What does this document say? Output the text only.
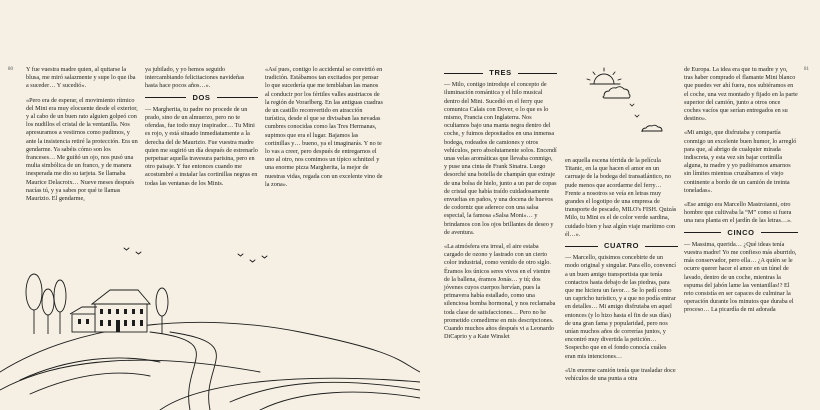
80	81

Y fue vuestra madre quien, al quitarse la blusa, me miró salazmente y supe lo que iba a suceder… Y sucedió».

«Pero era de esperar, el movimiento rítmico del Mini era muy elocuente desde el exterior, y al cabo de un buen rato alguien golpeó con los nudillos el cristal de la ventanilla. Nos apresuramos a vestirnos como pudimos, y ante la insistencia retiré la protección. Era un gendarme. Ya sabéis cómo son los franceses… Me guiñó un ojo, nos pusó una multa simbólica de un franco, y de manera inesperada me dio su tarjeta. Se llamaba Maurice Delacroix… Nueve meses después nacías tú, y ya sabes por qué te llamas Maurizio. El gendarme,

ya jubilado, y yo hemos seguido intercambiando felicitaciones navideñas hasta hace pocos años…».

DOS

— Margherita, tu padre no procede de un prado, sino de un almuerzo, pero no te ofendas, fue todo muy inspirador… Tu Mini es rojo, y está situado inmediatamente a la derecha del de Maurizio. Fue vuestra madre quien me sugirió un día después de estrenarlo perpetuar aquella travesura parisina, pero en otro paisaje. Y fue entonces cuando me acostumbré a instalar las cortinillas negras en todas las ventanas de los Minis.

«Así pues, contigo lo accidental se convirtió en tradición. Estábamos tan excitados por pensar lo que sucedería que me temblaban las manos al conducir por los fértiles valles austriacos de la región de Vorarlberg. En las antiguas cuadras de un castillo reconvertido en atracción turística, desde el que se divisaban las nevadas cumbres conocidas como las Tres Hermanas, supimos que era el lugar. Bajamos las cortinillas y… bueno, ya el imaginarás. Y no te lo vas a creer, pero después de entregarnos el uno al otro, nos comimos un típico schnitzel y una enorme pizza Margherita, la mejor de nuestras vidas, regada con un excelente vino de la zona».

TRES

— Milo, contigo introduje el concepto de iluminación romántica y el hilo musical dentro del Mini. Sucedió en el ferry que comunica Calais con Dover, o lo que es lo mismo, Francia con Inglaterra. Nos ocultamos bajo una manta negra dentro del coche, y fuimos depositados en una inmensa bodega, rodeados de camiones y otros vehículos, pero absolutamente solos. Encendí unas velas aromáticas que llevaba conmigo, y puse una cinta de Frank Sinatra. Luego desorché una botella de champán que extraje de una bolsa de hielo, junto a un par de copas de cristal que había traído cuidadosamente envueltas en paños, y una docena de huevos de codorniz que aderece con una salsa especial, la famosa «Salsa Moni»… y brindamos con los ojos brillantes de deseo y de aventura.

«La atmósfera era irreal, el aire estaba cargado de ozono y lastrado con un cierto color industrial, como venido de otro siglo. Éramos los únicos seres vivos en el vientre de la ballena, éramos Jonás… y tú; dos jóvenes cuyos cuerpos hervían, pues la primavera había estallado, como una silenciosa bomba hormonal, y nos reclamaba toda clase de satisfacciones… Pero no he prometido comedirme en mis descripciones. Cuando muchos años después vi a Leonardo DiCaprio y a Kate Winslet

en aquella escena tórrida de la película Titanic, en la que hacen el amor en un carruaje de la bodega del transatlántico, no pude menos que acordarme del ferry… Frente a nosotros se veía en letras muy grandes el logotipo de una empresa de transporte de pescado, MILO's FISH. Quizás Milo, tu Mini es el de color verde sardina, cuidado bien y haz algún viaje marítimo con él…».

CUATRO

— Marcello, quisimos concebirte de un modo original y singular. Para ello, convencí a un buen amigo transportista que tenía contactos hasta debajo de las piedras, para que me hiciera un favor… Se lo pedí como un capricho turístico, y a que no podía entrar en detalles… Mi amigo disfrutaba en aquel entonces (y lo hizo hasta el fin de sus días) de una gran fama y popularidad, pero nos unían muchos años de correrías juntos, y encontró muy divertida la petición… Sospecho que en el fondo conocía cuáles eran mis intenciones…

«Un enorme camión tenía que trasladar doce vehículos de una punta a otra

de Europa. La idea era que tu madre y yo, tras haber comprado el flamante Mini blanco que puedes ver ahí fuera, nos subiéramos en el coche, una vez montado y fijado en la parte superior del camión, junto a otros once coches vacíos que serían entregados en su destino».

«Mi amigo, que disfrutaba y compartía conmigo un excelente buen humor, lo arregló para que, al abrigo de cualquier mirada indiscreta, y esta vez sin bajar cortinilla alguna, tu madre y yo pudiéramos amarnos sin límites mientras cruzábamos el viejo continente a bordo de un camión de treinta toneladas».

«Ese amigo era Marcello Mastroianni, otro hombre que cultivaba la “M” como si fuera una rara planta en el jardín de las letras…».

CINCO

— Massima, querida… ¿Qué ideas tenía vuestra madre! Yo me confieso más aburrido, más conservador, pero ella… ¿A quién se le ocurre querer hacer el amor en un túnel de lavado, dentro de un coche, mientras la espuma del jabón lame las ventanillas!? El reto consistía en ser capaces de culminar la operación durante los minutos que duraba el proceso… La picardía de mi adorada
